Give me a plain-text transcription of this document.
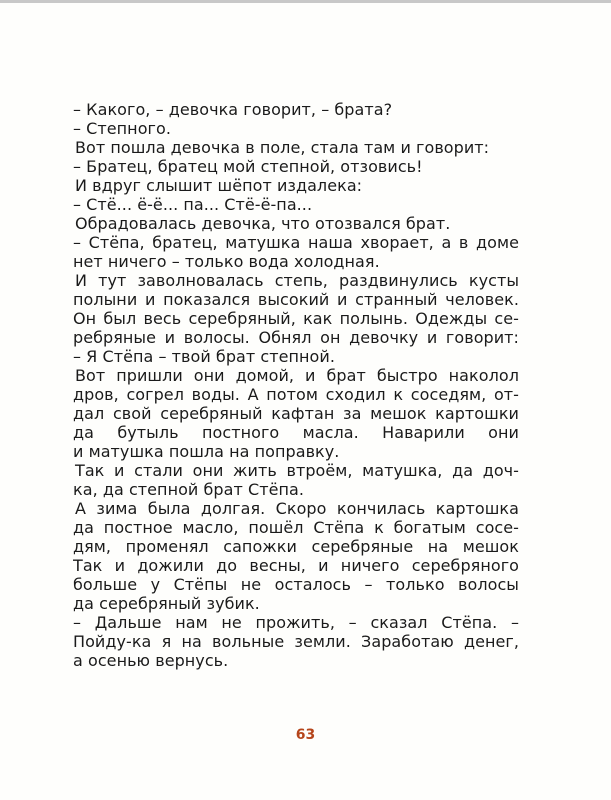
– Какого, – девочка говорит, – брата?
– Степного.
Вот пошла девочка в поле, стала там и говорит:
– Братец, братец мой степной, отзовись!
И вдруг слышит шёпот издалека:
– Стё... ё-ё... па... Стё-ё-па...
Обрадовалась девочка, что отозвался брат.
– Стёпа, братец, матушка наша хворает, а в доме
нет ничего – только вода холодная.
И тут заволновалась степь, раздвинулись кусты
полыни и показался высокий и странный человек.
Он был весь серебряный, как полынь. Одежды се-
ребряные и волосы. Обнял он девочку и говорит:
– Я Стёпа – твой брат степной.
Вот пришли они домой, и брат быстро наколол
дров, согрел воды. А потом сходил к соседям, от-
дал свой серебряный кафтан за мешок картошки
да бутыль постного масла. Наварили они
и матушка пошла на поправку.
Так и стали они жить втроём, матушка, да доч-
ка, да степной брат Стёпа.
А зима была долгая. Скоро кончилась картошка
да постное масло, пошёл Стёпа к богатым сосе-
дям, променял сапожки серебряные на мешок
Так и дожили до весны, и ничего серебряного
больше у Стёпы не осталось – только волосы
да серебряный зубик.
– Дальше нам не прожить, – сказал Стёпа. –
Пойду-ка я на вольные земли. Заработаю денег,
а осенью вернусь.
63
